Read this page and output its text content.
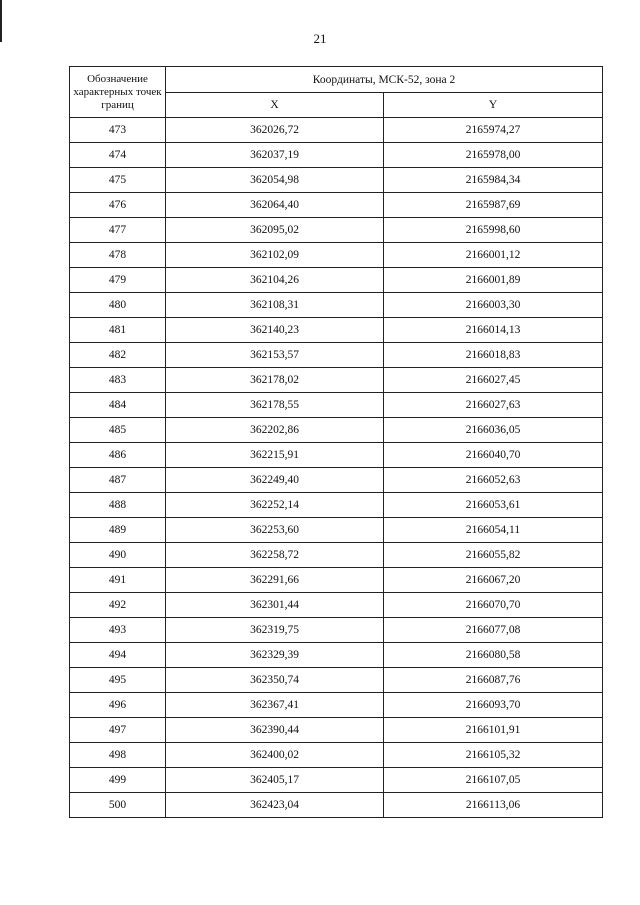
21
Обозначение характерных точек границ	Координаты, МСК-52, зона 2	
	X	Y
473	362026,72	2165974,27
474	362037,19	2165978,00
475	362054,98	2165984,34
476	362064,40	2165987,69
477	362095,02	2165998,60
478	362102,09	2166001,12
479	362104,26	2166001,89
480	362108,31	2166003,30
481	362140,23	2166014,13
482	362153,57	2166018,83
483	362178,02	2166027,45
484	362178,55	2166027,63
485	362202,86	2166036,05
486	362215,91	2166040,70
487	362249,40	2166052,63
488	362252,14	2166053,61
489	362253,60	2166054,11
490	362258,72	2166055,82
491	362291,66	2166067,20
492	362301,44	2166070,70
493	362319,75	2166077,08
494	362329,39	2166080,58
495	362350,74	2166087,76
496	362367,41	2166093,70
497	362390,44	2166101,91
498	362400,02	2166105,32
499	362405,17	2166107,05
500	362423,04	2166113,06
